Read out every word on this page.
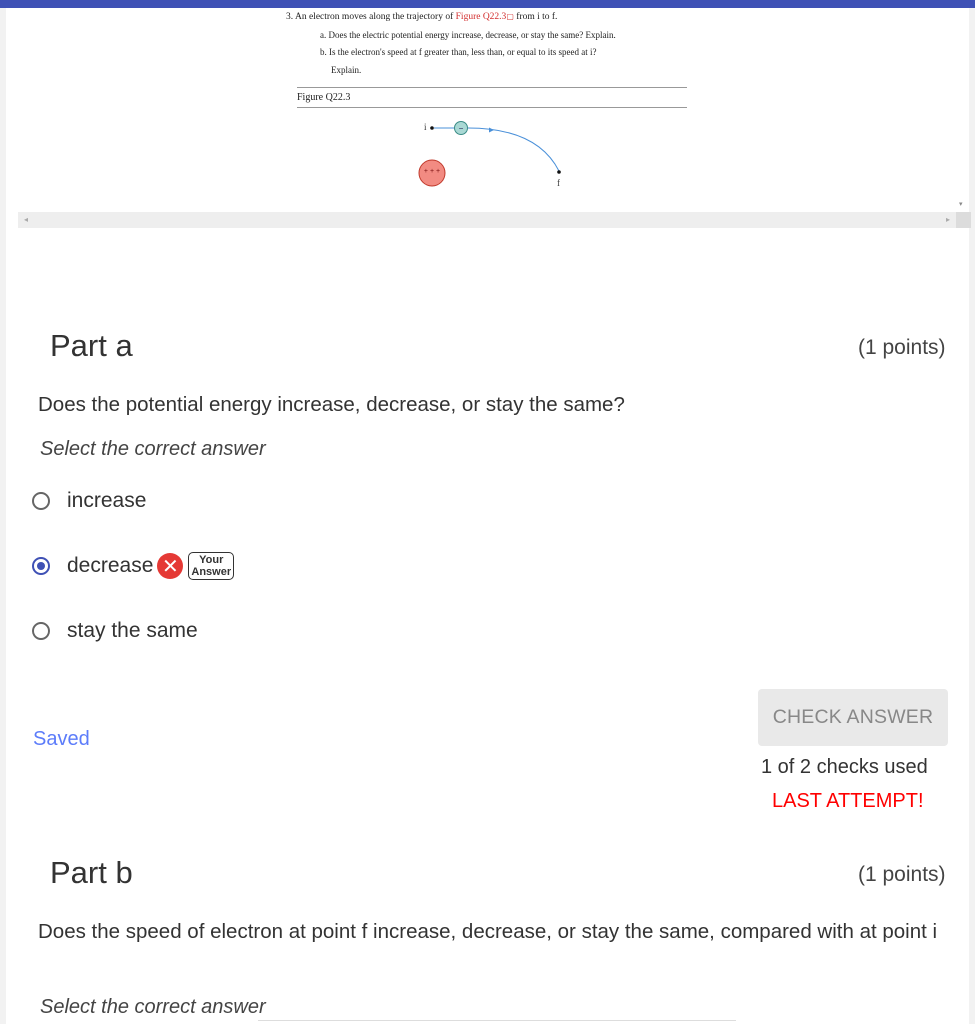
3. An electron moves along the trajectory of Figure Q22.3▢ from i to f.
a. Does the electric potential energy increase, decrease, or stay the same? Explain.
b. Is the electron's speed at f greater than, less than, or equal to its speed at i?
Explain.
Figure Q22.3
i	−
f
+ + +
◂	▸
▾
Part a	(1 points)
Does the potential energy increase, decrease, or stay the same?
Select the correct answer
increase
decrease ✕	Your
Answer
stay the same
Saved
CHECK ANSWER
1 of 2 checks used
LAST ATTEMPT!
Part b	(1 points)
Does the speed of electron at point f increase, decrease, or stay the same, compared with at point i
Select the correct answer
